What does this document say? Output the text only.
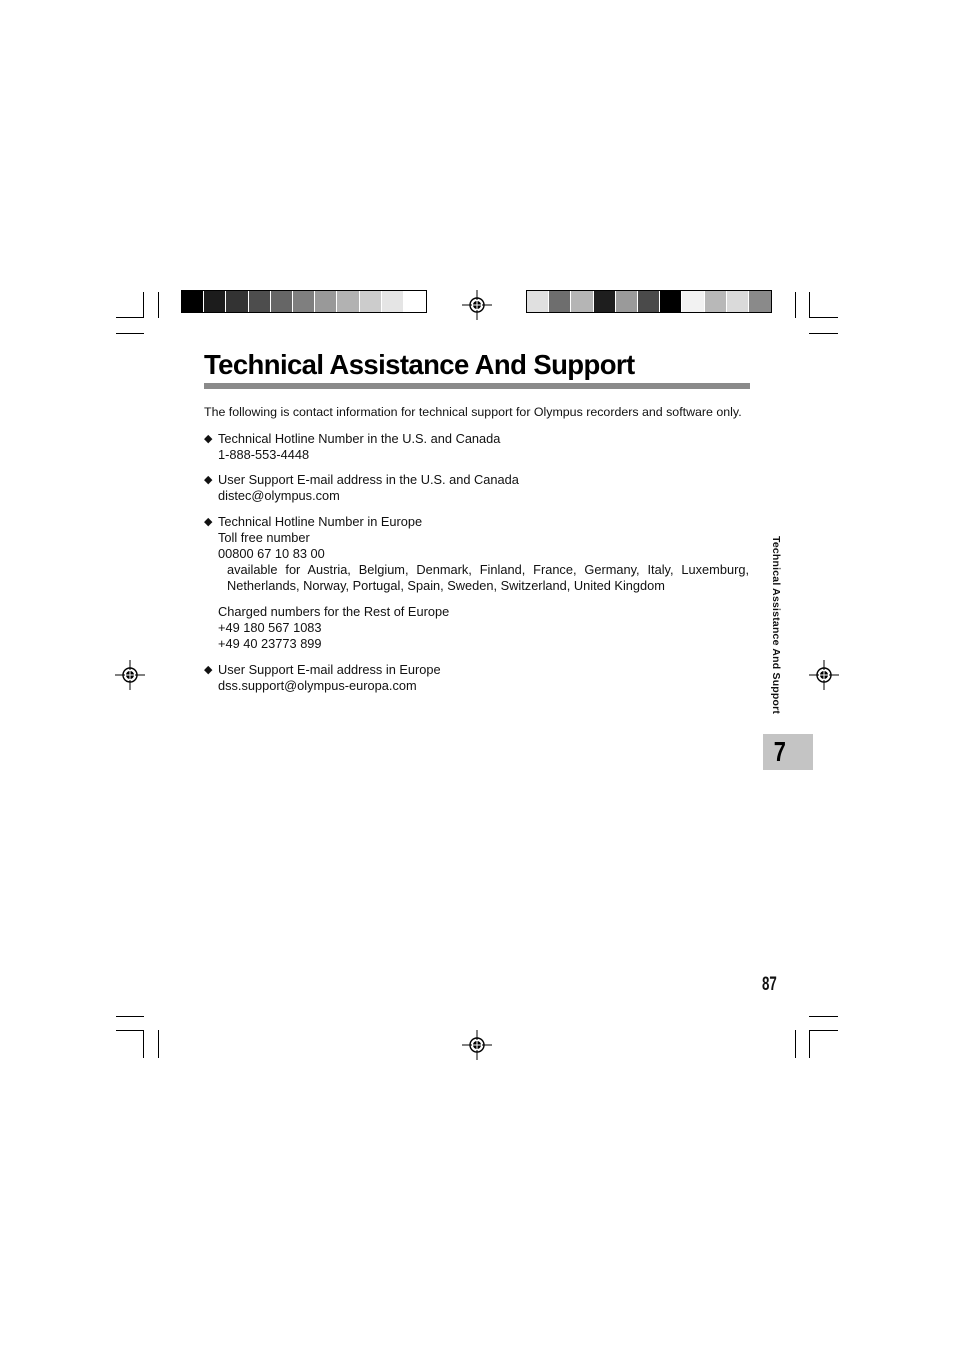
Technical Assistance And Support
The following is contact information for technical support for Olympus recorders and software only.
◆ Technical Hotline Number in the U.S. and Canada
1-888-553-4448
◆ User Support E-mail address in the U.S. and Canada
distec@olympus.com
◆ Technical Hotline Number in Europe
Toll free number
00800 67 10 83 00
available for Austria, Belgium, Denmark, Finland, France, Germany, Italy, Luxemburg,
Netherlands, Norway, Portugal, Spain, Sweden, Switzerland, United Kingdom
Charged numbers for the Rest of Europe
+49 180 567 1083
+49 40 23773 899
◆ User Support E-mail address in Europe
dss.support@olympus-europa.com	Technical Assistance And Support
7
87
